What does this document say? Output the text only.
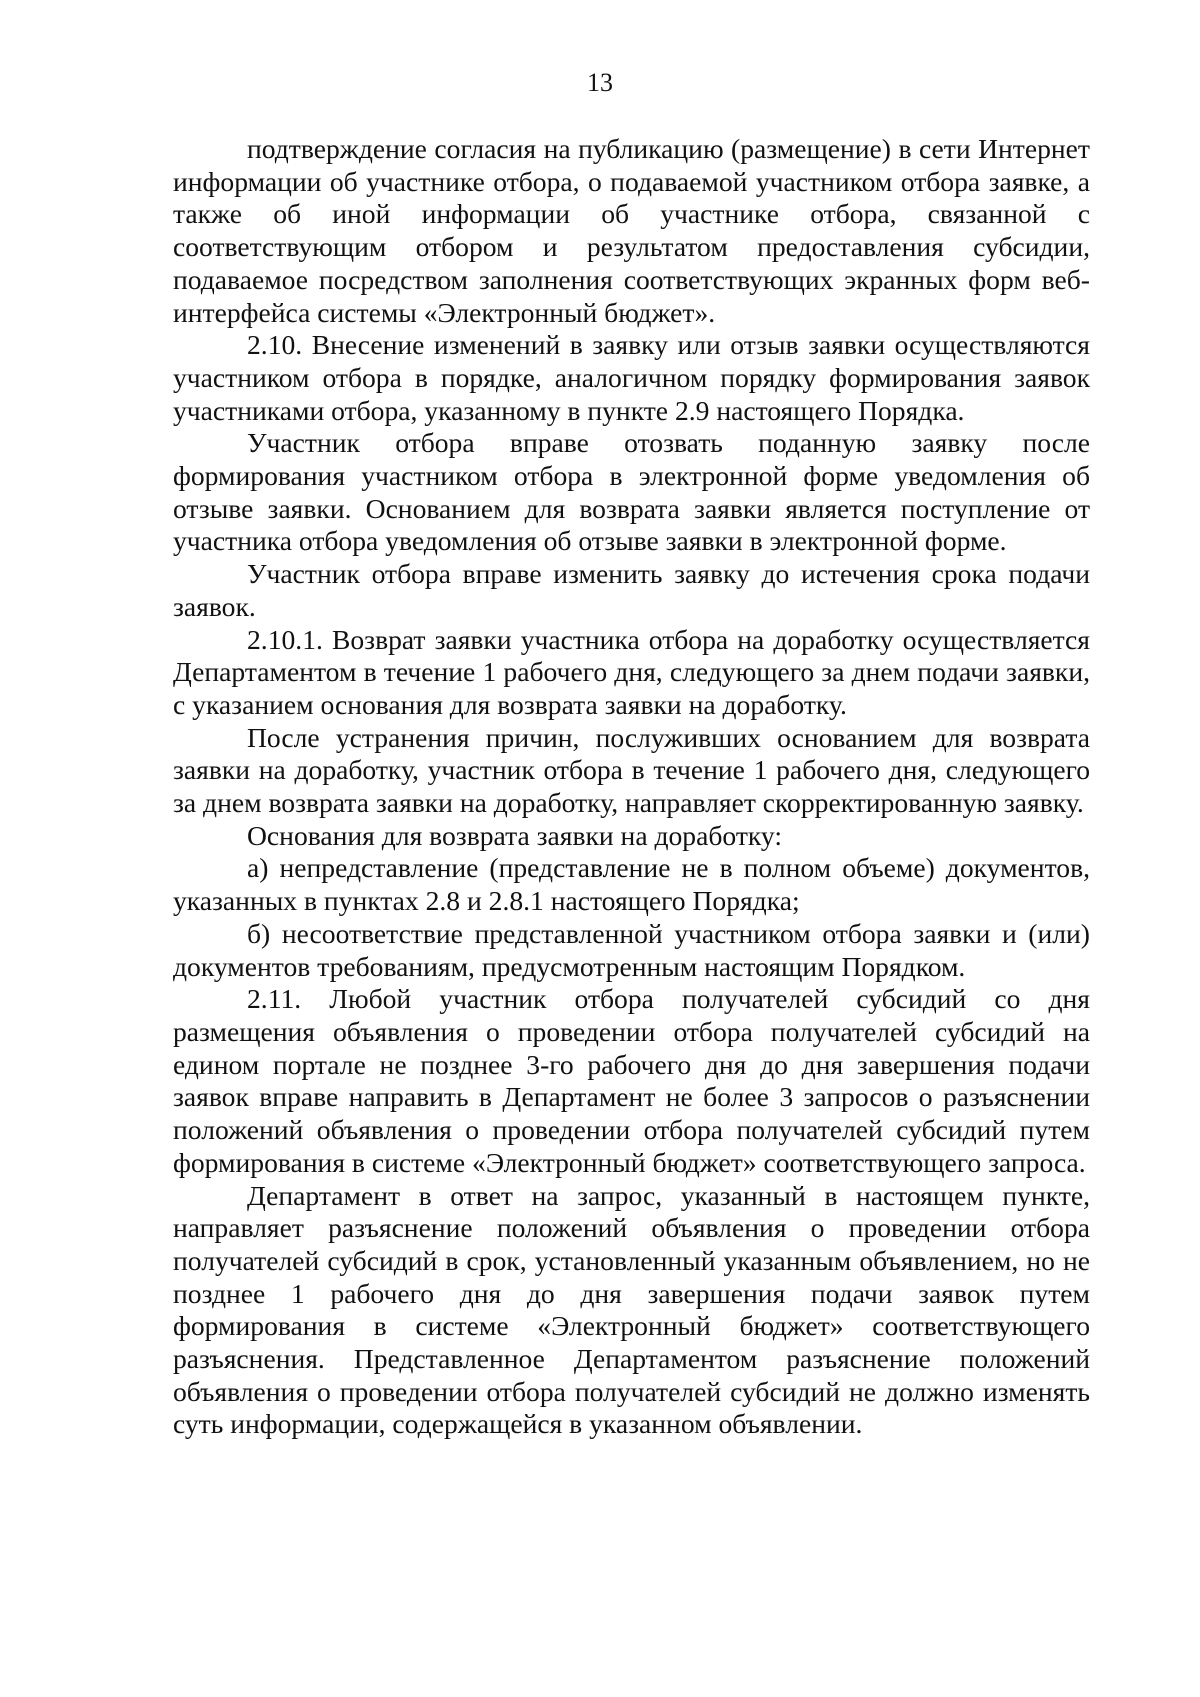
13

подтверждение согласия на публикацию (размещение) в сети Интернет информации об участнике отбора, о подаваемой участником отбора заявке, а также об иной информации об участнике отбора, связанной с соответствующим отбором и результатом предоставления субсидии, подаваемое посредством заполнения соответствующих экранных форм веб-интерфейса системы «Электронный бюджет».

2.10. Внесение изменений в заявку или отзыв заявки осуществляются участником отбора в порядке, аналогичном порядку формирования заявок участниками отбора, указанному в пункте 2.9 настоящего Порядка.

Участник отбора вправе отозвать поданную заявку после формирования участником отбора в электронной форме уведомления об отзыве заявки. Основанием для возврата заявки является поступление от участника отбора уведомления об отзыве заявки в электронной форме.

Участник отбора вправе изменить заявку до истечения срока подачи заявок.

2.10.1. Возврат заявки участника отбора на доработку осуществляется Департаментом в течение 1 рабочего дня, следующего за днем подачи заявки, с указанием основания для возврата заявки на доработку.

После устранения причин, послуживших основанием для возврата заявки на доработку, участник отбора в течение 1 рабочего дня, следующего за днем возврата заявки на доработку, направляет скорректированную заявку.

Основания для возврата заявки на доработку:

а) непредставление (представление не в полном объеме) документов, указанных в пунктах 2.8 и 2.8.1 настоящего Порядка;

б) несоответствие представленной участником отбора заявки и (или) документов требованиям, предусмотренным настоящим Порядком.

2.11. Любой участник отбора получателей субсидий со дня размещения объявления о проведении отбора получателей субсидий на едином портале не позднее 3-го рабочего дня до дня завершения подачи заявок вправе направить в Департамент не более 3 запросов о разъяснении положений объявления о проведении отбора получателей субсидий путем формирования в системе «Электронный бюджет» соответствующего запроса.

Департамент в ответ на запрос, указанный в настоящем пункте, направляет разъяснение положений объявления о проведении отбора получателей субсидий в срок, установленный указанным объявлением, но не позднее 1 рабочего дня до дня завершения подачи заявок путем формирования в системе «Электронный бюджет» соответствующего разъяснения. Представленное Департаментом разъяснение положений объявления о проведении отбора получателей субсидий не должно изменять суть информации, содержащейся в указанном объявлении.
